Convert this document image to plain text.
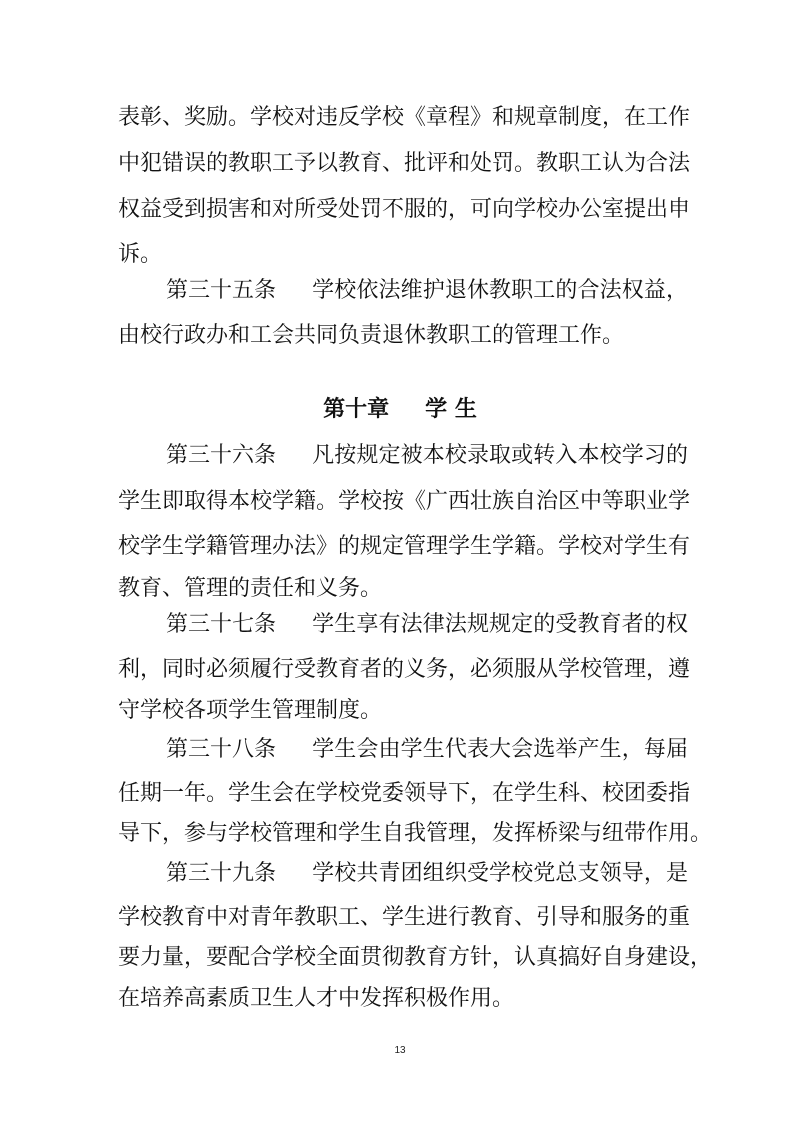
表彰、奖励。学校对违反学校《章程》和规章制度，在工作
中犯错误的教职工予以教育、批评和处罚。教职工认为合法
权益受到损害和对所受处罚不服的，可向学校办公室提出申
诉。
第三十五条 学校依法维护退休教职工的合法权益，
由校行政办和工会共同负责退休教职工的管理工作。
第十章 学 生
第三十六条 凡按规定被本校录取或转入本校学习的
学生即取得本校学籍。学校按《广西壮族自治区中等职业学
校学生学籍管理办法》的规定管理学生学籍。学校对学生有
教育、管理的责任和义务。
第三十七条 学生享有法律法规规定的受教育者的权
利，同时必须履行受教育者的义务，必须服从学校管理，遵
守学校各项学生管理制度。
第三十八条 学生会由学生代表大会选举产生，每届
任期一年。学生会在学校党委领导下，在学生科、校团委指
导下，参与学校管理和学生自我管理，发挥桥梁与纽带作用。
第三十九条 学校共青团组织受学校党总支领导，是
学校教育中对青年教职工、学生进行教育、引导和服务的重
要力量，要配合学校全面贯彻教育方针，认真搞好自身建设，
在培养高素质卫生人才中发挥积极作用。
13
